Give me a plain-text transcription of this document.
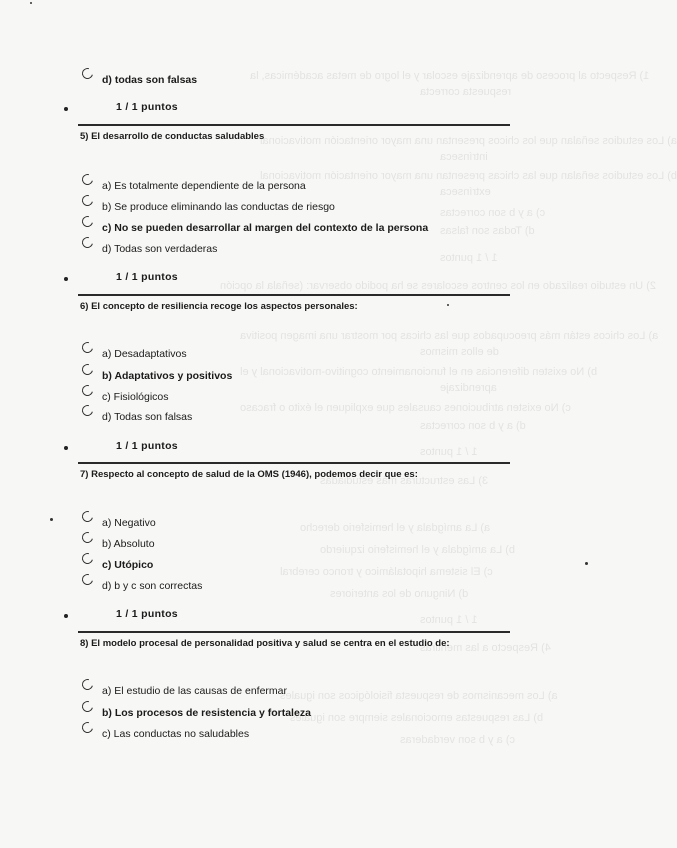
1) Respecto al proceso de aprendizaje escolar y el logro de metas académicas, la
respuesta correcta
a) Los estudios señalan que los chicos presentan una mayor orientación motivacional
intrínseca
b) Los estudios señalan que las chicas presentan una mayor orientación motivacional
extrínseca
c) a y b son correctas
d) Todas son falsas
1 / 1 puntos
2) Un estudio realizado en los centros escolares se ha podido observar: (señala la opción
a) Los chicos están más preocupados que las chicas por mostrar una imagen positiva
de ellos mismos
b) No existen diferencias en el funcionamiento cognitivo-motivacional y el
aprendizaje
c) No existen atribuciones causales que expliquen el éxito o fracaso
d) a y b son correctas
1 / 1 puntos
3) Las estructuras más estudiadas
a) La amígdala y el hemisferio derecho
b) La amígdala y el hemisferio izquierdo
c) El sistema hipotalámico y tronco cerebral
d) Ninguno de los anteriores
1 / 1 puntos
4) Respecto a las mentiras
a) Los mecanismos de respuesta fisiológicos son iguales
b) Las respuestas emocionales siempre son iguales
c) a y b son verdaderas
d) todas son falsas
1 / 1 puntos
5) El desarrollo de conductas saludables
a) Es totalmente dependiente de la persona
b) Se produce eliminando las conductas de riesgo
c) No se pueden desarrollar al margen del contexto de la persona
d) Todas son verdaderas
1 / 1 puntos
6) El concepto de resiliencia recoge los aspectos personales:
a) Desadaptativos
b) Adaptativos y positivos
c) Fisiológicos
d) Todas son falsas
1 / 1 puntos
7) Respecto al concepto de salud de la OMS (1946), podemos decir que es:
a) Negativo
b) Absoluto
c) Utópico
d) b y c son correctas
1 / 1 puntos
8) El modelo procesal de personalidad positiva y salud se centra en el estudio de:
a) El estudio de las causas de enfermar
b) Los procesos de resistencia y fortaleza
c) Las conductas no saludables
